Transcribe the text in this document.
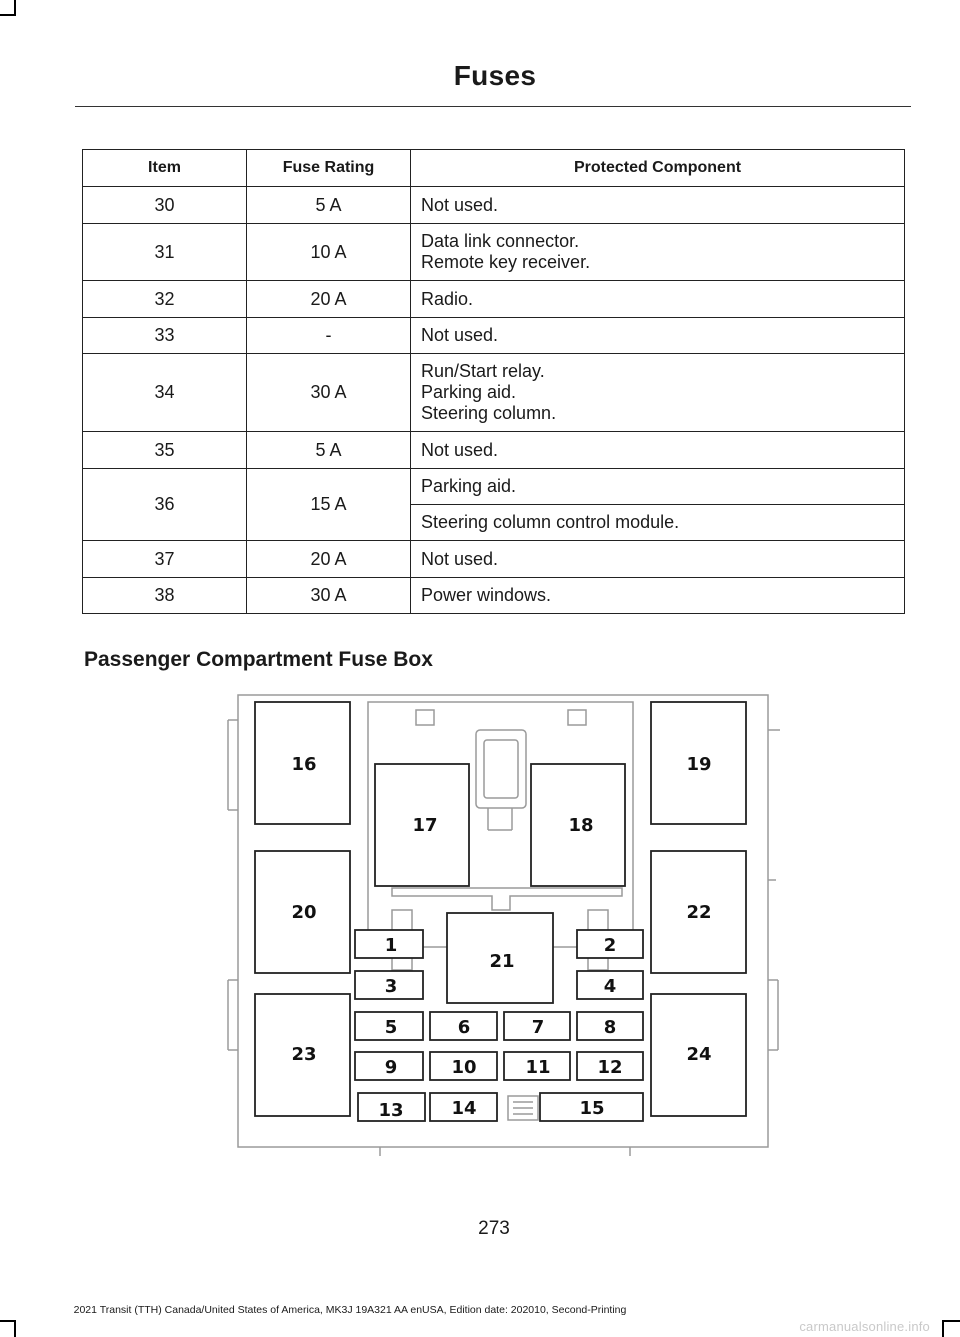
Fuses
Item	Fuse Rating	Protected Component
30	5 A	Not used.

31	10 A	Data link connector.
Remote key receiver.

32	20 A	Radio.

33	-	Not used.

34	30 A	Run/Start relay.
Parking aid.
Steering column.

35	5 A	Not used.

36	15 A	Parking aid.

		Steering column control module.

37	20 A	Not used.

38	30 A	Power windows.
Passenger Compartment Fuse Box
1	2
3	4
5	6	7	8
9	10	11	12
13	14	15
16
17	18
19
20
21
22
23	24
273
2021 Transit (TTH) Canada/United States of America, MK3J 19A321 AA enUSA, Edition date: 202010, Second-Printing
carmanualsonline.info
